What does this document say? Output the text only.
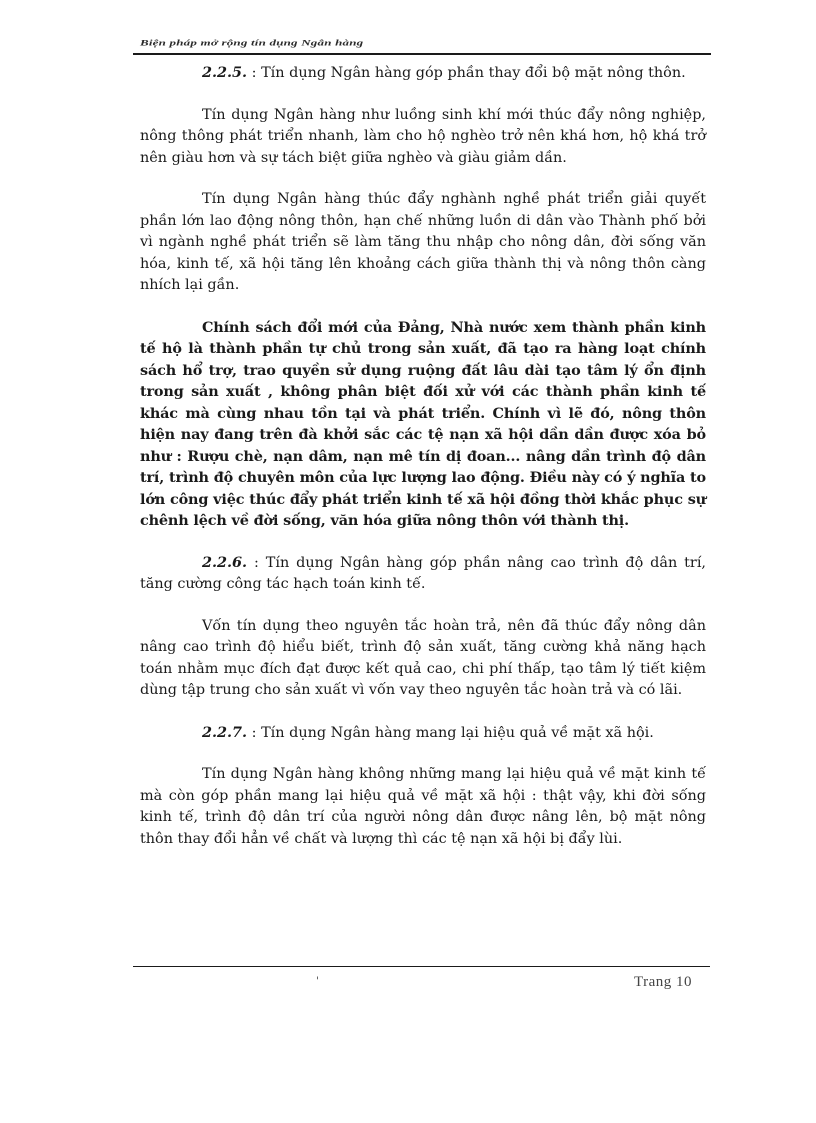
Biện pháp mở rộng tín dụng Ngân hàng

2.2.5. : Tín dụng Ngân hàng góp phần thay đổi bộ mặt nông thôn.

Tín dụng Ngân hàng như luồng sinh khí mới thúc đẩy nông nghiệp, nông thông phát triển nhanh, làm cho hộ nghèo trở nên khá hơn, hộ khá trở nên giàu hơn và sự tách biệt giữa nghèo và giàu giảm dần.

Tín dụng Ngân hàng thúc đẩy nghành nghề phát triển giải quyết phần lớn lao động nông thôn, hạn chế những luồn di dân vào Thành phố bởi vì ngành nghề phát triển sẽ làm tăng thu nhập cho nông dân, đời sống văn hóa, kinh tế, xã hội tăng lên khoảng cách giữa thành thị và nông thôn càng nhích lại gần.

Chính sách đổi mới của Đảng, Nhà nước xem thành phần kinh tế hộ là thành phần tự chủ trong sản xuất, đã tạo ra hàng loạt chính sách hổ trợ, trao quyền sử dụng ruộng đất lâu dài tạo tâm lý ổn định trong sản xuất , không phân biệt đối xử với các thành phần kinh tế khác mà cùng nhau tồn tại và phát triển. Chính vì lẽ đó, nông thôn hiện nay đang trên đà khởi sắc các tệ nạn xã hội dần dần được xóa bỏ như : Rượu chè, nạn dâm, nạn mê tín dị đoan... nâng dần trình độ dân trí, trình độ chuyên môn của lực lượng lao động. Điều này có ý nghĩa to lớn công việc thúc đẩy phát triển kinh tế xã hội đồng thời khắc phục sự chênh lệch về đời sống, văn hóa giữa nông thôn với thành thị.

2.2.6. : Tín dụng Ngân hàng góp phần nâng cao trình độ dân trí, tăng cường công tác hạch toán kinh tế.

Vốn tín dụng theo nguyên tắc hoàn trả, nên đã thúc đẩy nông dân nâng cao trình độ hiểu biết, trình độ sản xuất, tăng cường khả năng hạch toán nhằm mục đích đạt được kết quả cao, chi phí thấp, tạo tâm lý tiết kiệm dùng tập trung cho sản xuất vì vốn vay theo nguyên tắc hoàn trả và có lãi.

2.2.7. : Tín dụng Ngân hàng mang lại hiệu quả về mặt xã hội.

Tín dụng Ngân hàng không những mang lại hiệu quả về mặt kinh tế mà còn góp phần mang lại hiệu quả về mặt xã hội : thật vậy, khi đời sống kinh tế, trình độ dân trí của người nông dân được nâng lên, bộ mặt nông thôn thay đổi hẳn về chất và lượng thì các tệ nạn xã hội bị đẩy lùi.

'	Trang 10
